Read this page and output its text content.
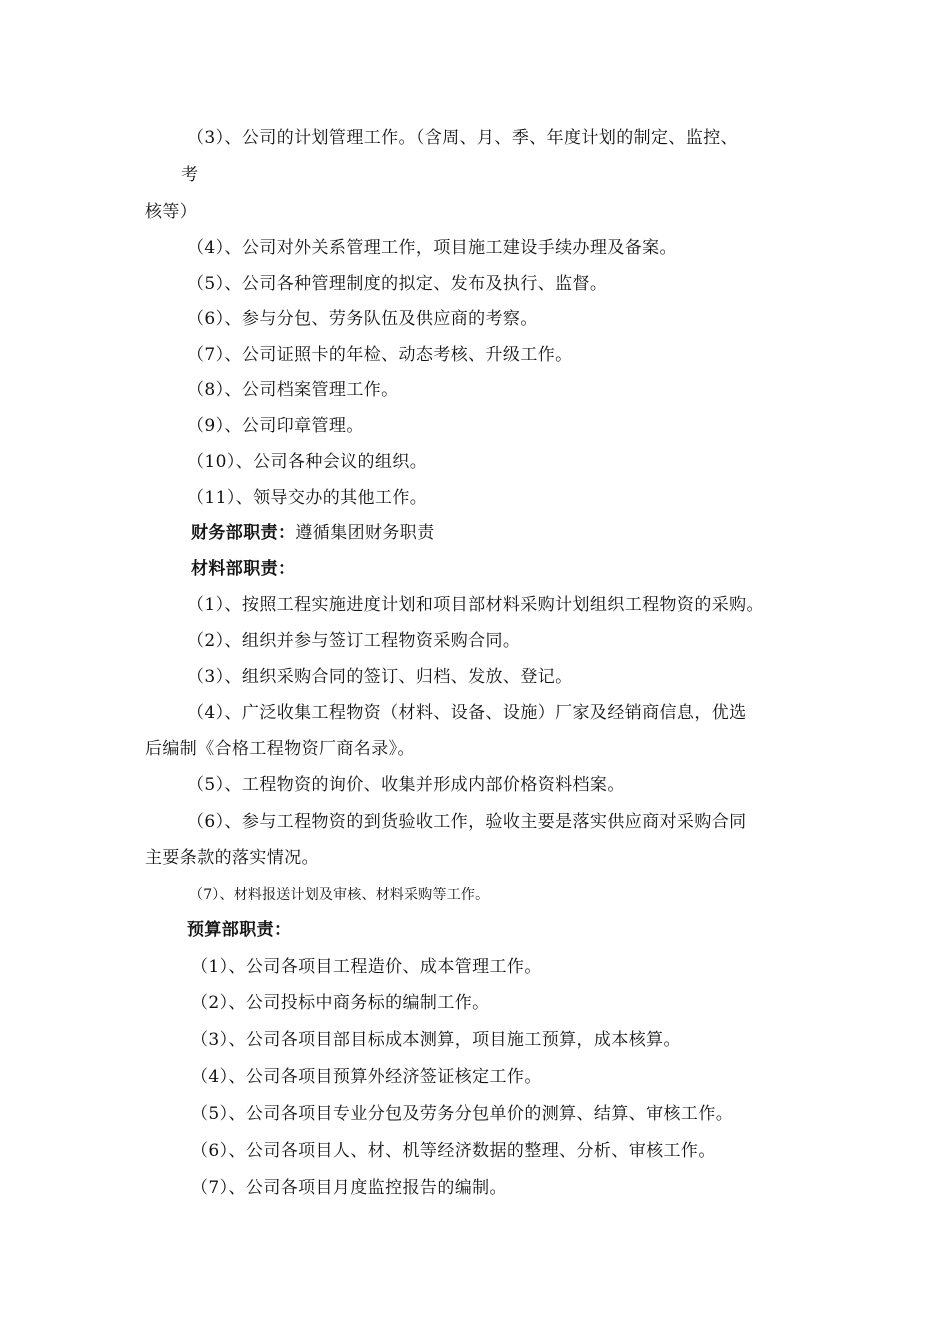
（3）、公司的计划管理工作。（含周、月、季、年度计划的制定、监控、
考
核等）
（4）、公司对外关系管理工作，项目施工建设手续办理及备案。
（5）、公司各种管理制度的拟定、发布及执行、监督。
（6）、参与分包、劳务队伍及供应商的考察。
（7）、公司证照卡的年检、动态考核、升级工作。
（8）、公司档案管理工作。
（9）、公司印章管理。
（10）、公司各种会议的组织。
（11）、领导交办的其他工作。
财务部职责：遵循集团财务职责
材料部职责：
（1）、按照工程实施进度计划和项目部材料采购计划组织工程物资的采购。
（2）、组织并参与签订工程物资采购合同。
（3）、组织采购合同的签订、归档、发放、登记。
（4）、广泛收集工程物资（材料、设备、设施）厂家及经销商信息，优选
后编制《合格工程物资厂商名录》。
（5）、工程物资的询价、收集并形成内部价格资料档案。
（6）、参与工程物资的到货验收工作，验收主要是落实供应商对采购合同
主要条款的落实情况。
（7）、材料报送计划及审核、材料采购等工作。
预算部职责：
（1）、公司各项目工程造价、成本管理工作。
（2）、公司投标中商务标的编制工作。
（3）、公司各项目部目标成本测算，项目施工预算，成本核算。
（4）、公司各项目预算外经济签证核定工作。
（5）、公司各项目专业分包及劳务分包单价的测算、结算、审核工作。
（6）、公司各项目人、材、机等经济数据的整理、分析、审核工作。
（7）、公司各项目月度监控报告的编制。
